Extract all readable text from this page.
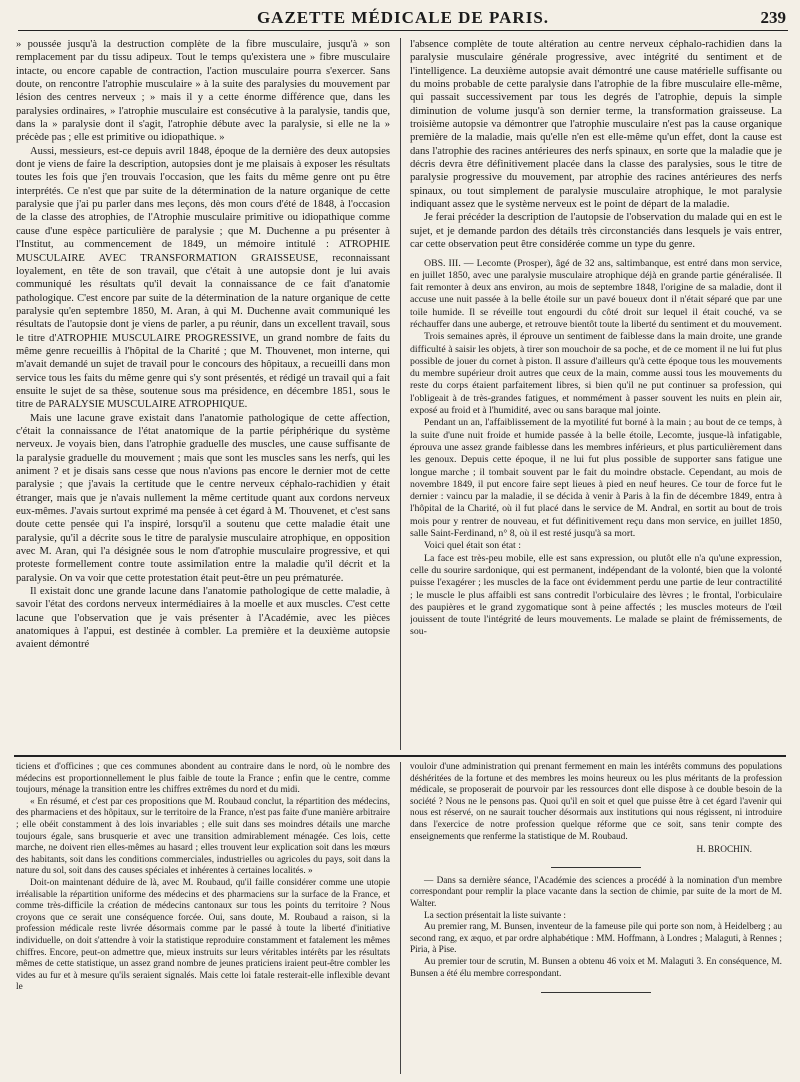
GAZETTE MÉDICALE DE PARIS.	239

» poussée jusqu'à la destruction complète de la fibre musculaire, jusqu'à » son remplacement par du tissu adipeux. Tout le temps qu'existera une » fibre musculaire intacte, ou encore capable de contraction, l'action musculaire pourra s'exercer. Sans doute, on rencontre l'atrophie musculaire » à la suite des paralysies du mouvement par lésion des centres nerveux ; » mais il y a cette énorme différence que, dans les paralysies ordinaires, » l'atrophie musculaire est consécutive à la paralysie, tandis que, dans la » paralysie dont il s'agit, l'atrophie débute avec la paralysie, si elle ne la » précède pas ; elle est primitive ou idiopathique. »

Aussi, messieurs, est-ce depuis avril 1848, époque de la dernière des deux autopsies dont je viens de faire la description, autopsies dont je me plaisais à exposer les résultats toutes les fois que j'en trouvais l'occasion, que les faits du même genre ont pu être interprétés. Ce n'est que par suite de la détermination de la nature organique de cette paralysie que j'ai pu parler dans mes leçons, dès mon cours d'été de 1848, à l'occasion de la classe des atrophies, de l'Atrophie musculaire primitive ou idiopathique comme cause d'une espèce particulière de paralysie ; que M. Duchenne a pu présenter à l'Institut, au commencement de 1849, un mémoire intitulé : ATROPHIE MUSCULAIRE AVEC TRANSFORMATION GRAISSEUSE, reconnaissant loyalement, en tête de son travail, que c'était à une autopsie dont je lui avais communiqué les résultats qu'il devait la connaissance de ce fait d'anatomie pathologique. C'est encore par suite de la détermination de la nature organique de cette paralysie qu'en septembre 1850, M. Aran, à qui M. Duchenne avait communiqué les résultats de l'autopsie dont je viens de parler, a pu réunir, dans un excellent travail, sous le titre d'ATROPHIE MUSCULAIRE PROGRESSIVE, un grand nombre de faits du même genre recueillis à l'hôpital de la Charité ; que M. Thouvenet, mon interne, qui m'avait demandé un sujet de travail pour le concours des hôpitaux, a recueilli dans mon service tous les faits du même genre qui s'y sont présentés, et rédigé un travail qui a fait ensuite le sujet de sa thèse, soutenue sous ma présidence, en décembre 1851, sous le titre de PARALYSIE MUSCULAIRE ATROPHIQUE.

Mais une lacune grave existait dans l'anatomie pathologique de cette affection, c'était la connaissance de l'état anatomique de la partie périphérique du système nerveux. Je voyais bien, dans l'atrophie graduelle des muscles, une cause suffisante de la paralysie graduelle du mouvement ; mais que sont les muscles sans les nerfs, qui les animent ? et je disais sans cesse que nous n'avions pas encore le dernier mot de cette paralysie ; que j'avais la certitude que le centre nerveux céphalo-rachidien y était étranger, mais que je n'avais nullement la même certitude quant aux cordons nerveux eux-mêmes. J'avais surtout exprimé ma pensée à cet égard à M. Thouvenet, et c'est sans doute cette pensée qui l'a inspiré, lorsqu'il a soutenu que cette maladie était une paralysie, qu'il a décrite sous le titre de paralysie musculaire atrophique, en opposition avec M. Aran, qui l'a désignée sous le nom d'atrophie musculaire progressive, et qui proteste formellement contre toute assimilation entre la maladie qu'il décrit et la paralysie. On va voir que cette protestation était peut-être un peu prématurée.

Il existait donc une grande lacune dans l'anatomie pathologique de cette maladie, à savoir l'état des cordons nerveux intermédiaires à la moelle et aux muscles. C'est cette lacune que l'observation que je vais présenter à l'Académie, avec les pièces anatomiques à l'appui, est destinée à combler. La première et la deuxième autopsie avaient démontré

l'absence complète de toute altération au centre nerveux céphalo-rachidien dans la paralysie musculaire générale progressive, avec intégrité du sentiment et de l'intelligence. La deuxième autopsie avait démontré une cause matérielle suffisante ou du moins probable de cette paralysie dans l'atrophie de la fibre musculaire elle-même, qui passait successivement par tous les degrés de l'atrophie, depuis la simple diminution de volume jusqu'à son dernier terme, la transformation graisseuse. La troisième autopsie va démontrer que l'atrophie musculaire n'est pas la cause organique première de la maladie, mais qu'elle n'en est elle-même qu'un effet, dont la cause est dans l'atrophie des racines antérieures des nerfs spinaux, en sorte que la maladie que je décris devra être définitivement placée dans la classe des paralysies, sous le titre de paralysie progressive du mouvement, par atrophie des racines antérieures des nerfs spinaux, ou tout simplement de paralysie musculaire atrophique, le mot paralysie indiquant assez que le système nerveux est le point de départ de la maladie.

Je ferai précéder la description de l'autopsie de l'observation du malade qui en est le sujet, et je demande pardon des détails très circonstanciés dans lesquels je vais entrer, car cette observation peut être considérée comme un type du genre.

OBS. III. — Lecomte (Prosper), âgé de 32 ans, saltimbanque, est entré dans mon service, en juillet 1850, avec une paralysie musculaire atrophique déjà en grande partie généralisée. Il fait remonter à deux ans environ, au mois de septembre 1848, l'origine de sa maladie, dont il accuse une nuit passée à la belle étoile sur un pavé boueux dont il n'était séparé que par une toile humide. Il se réveille tout engourdi du côté droit sur lequel il était couché, va se réchauffer dans une auberge, et retrouve bientôt toute la liberté du sentiment et du mouvement.

Trois semaines après, il éprouve un sentiment de faiblesse dans la main droite, une grande difficulté à saisir les objets, à tirer son mouchoir de sa poche, et de ce moment il ne lui fut plus possible de jouer du cornet à piston. Il assure d'ailleurs qu'à cette époque tous les mouvements du membre supérieur droit autres que ceux de la main, comme aussi tous les mouvements du reste du corps étaient parfaitement libres, si bien qu'il ne put continuer sa profession, qui l'obligeait à de très-grandes fatigues, et nommément à passer souvent les nuits en plein air, exposé au froid et à l'humidité, avec ou sans baraque mal jointe.

Pendant un an, l'affaiblissement de la myotilité fut borné à la main ; au bout de ce temps, à la suite d'une nuit froide et humide passée à la belle étoile, Lecomte, jusque-là infatigable, éprouva une assez grande faiblesse dans les membres inférieurs, et plus particulièrement dans les genoux. Depuis cette époque, il ne lui fut plus possible de supporter sans fatigue une longue marche ; il tombait souvent par le fait du moindre obstacle. Cependant, au mois de novembre 1849, il put encore faire sept lieues à pied en neuf heures. Ce tour de force fut le dernier : vaincu par la maladie, il se décida à venir à Paris à la fin de décembre 1849, entra à l'hôpital de la Charité, où il fut placé dans le service de M. Andral, en sortit au bout de trois mois pour y rentrer de nouveau, et fut définitivement reçu dans mon service, en juillet 1850, salle Saint-Ferdinand, n° 8, où il est resté jusqu'à sa mort.

Voici quel était son état :

La face est très-peu mobile, elle est sans expression, ou plutôt elle n'a qu'une expression, celle du sourire sardonique, qui est permanent, indépendant de la volonté, bien que la volonté puisse l'exagérer ; les muscles de la face ont évidemment perdu une partie de leur contractilité ; le muscle le plus affaibli est sans contredit l'orbiculaire des lèvres ; le frontal, l'orbiculaire des paupières et le grand zygomatique sont à peine affectés ; les muscles moteurs de l'œil jouissent de toute l'intégrité de leurs mouvements. Le malade se plaint de frémissements, de sou-

ticiens et d'officines ; que ces communes abondent au contraire dans le nord, où le nombre des médecins est proportionnellement le plus faible de toute la France ; enfin que le centre, comme toujours, ménage la transition entre les chiffres extrêmes du nord et du midi.

« En résumé, et c'est par ces propositions que M. Roubaud conclut, la répartition des médecins, des pharmaciens et des hôpitaux, sur le territoire de la France, n'est pas faite d'une manière arbitraire ; elle obéit constamment à des lois invariables ; elle suit dans ses moindres détails une marche toujours égale, sans brusquerie et avec une transition admirablement ménagée. Ces lois, cette marche, ne doivent rien elles-mêmes au hasard ; elles trouvent leur explication soit dans les mœurs des habitants, soit dans les conditions commerciales, industrielles ou agricoles du pays, soit dans la nature du sol, soit dans des causes spéciales et inhérentes à certaines localités. »

Doit-on maintenant déduire de là, avec M. Roubaud, qu'il faille considérer comme une utopie irréalisable la répartition uniforme des médecins et des pharmaciens sur la surface de la France, et comme très-difficile la création de médecins cantonaux sur tous les points du territoire ? Nous croyons que ce serait une conséquence forcée. Oui, sans doute, M. Roubaud a raison, si la profession médicale reste livrée désormais comme par le passé à toute la liberté d'initiative individuelle, on doit s'attendre à voir la statistique reproduire constamment et fatalement les mêmes chiffres. Encore, peut-on admettre que, mieux instruits sur leurs véritables intérêts par les résultats mêmes de cette statistique, un assez grand nombre de jeunes praticiens iraient peut-être combler les vides au fur et à mesure qu'ils seraient signalés. Mais cette loi fatale resterait-elle inflexible devant le

vouloir d'une administration qui prenant fermement en main les intérêts communs des populations déshéritées de la fortune et des membres les moins heureux ou les plus méritants de la profession médicale, se proposerait de pourvoir par les ressources dont elle dispose à ce double besoin de la société ? Nous ne le pensons pas. Quoi qu'il en soit et quel que puisse être à cet égard l'avenir qui nous est réservé, on ne saurait toucher désormais aux institutions qui nous régissent, ni introduire dans l'exercice de notre profession quelque réforme que ce soit, sans tenir compte des enseignements que renferme la statistique de M. Roubaud.

H. BROCHIN.

— Dans sa dernière séance, l'Académie des sciences a procédé à la nomination d'un membre correspondant pour remplir la place vacante dans la section de chimie, par suite de la mort de M. Walter.

La section présentait la liste suivante :

Au premier rang, M. Bunsen, inventeur de la fameuse pile qui porte son nom, à Heidelberg ; au second rang, ex æquo, et par ordre alphabétique : MM. Hoffmann, à Londres ; Malaguti, à Rennes ; Piria, à Pise.

Au premier tour de scrutin, M. Bunsen a obtenu 46 voix et M. Malaguti 3. En conséquence, M. Bunsen a été élu membre correspondant.
